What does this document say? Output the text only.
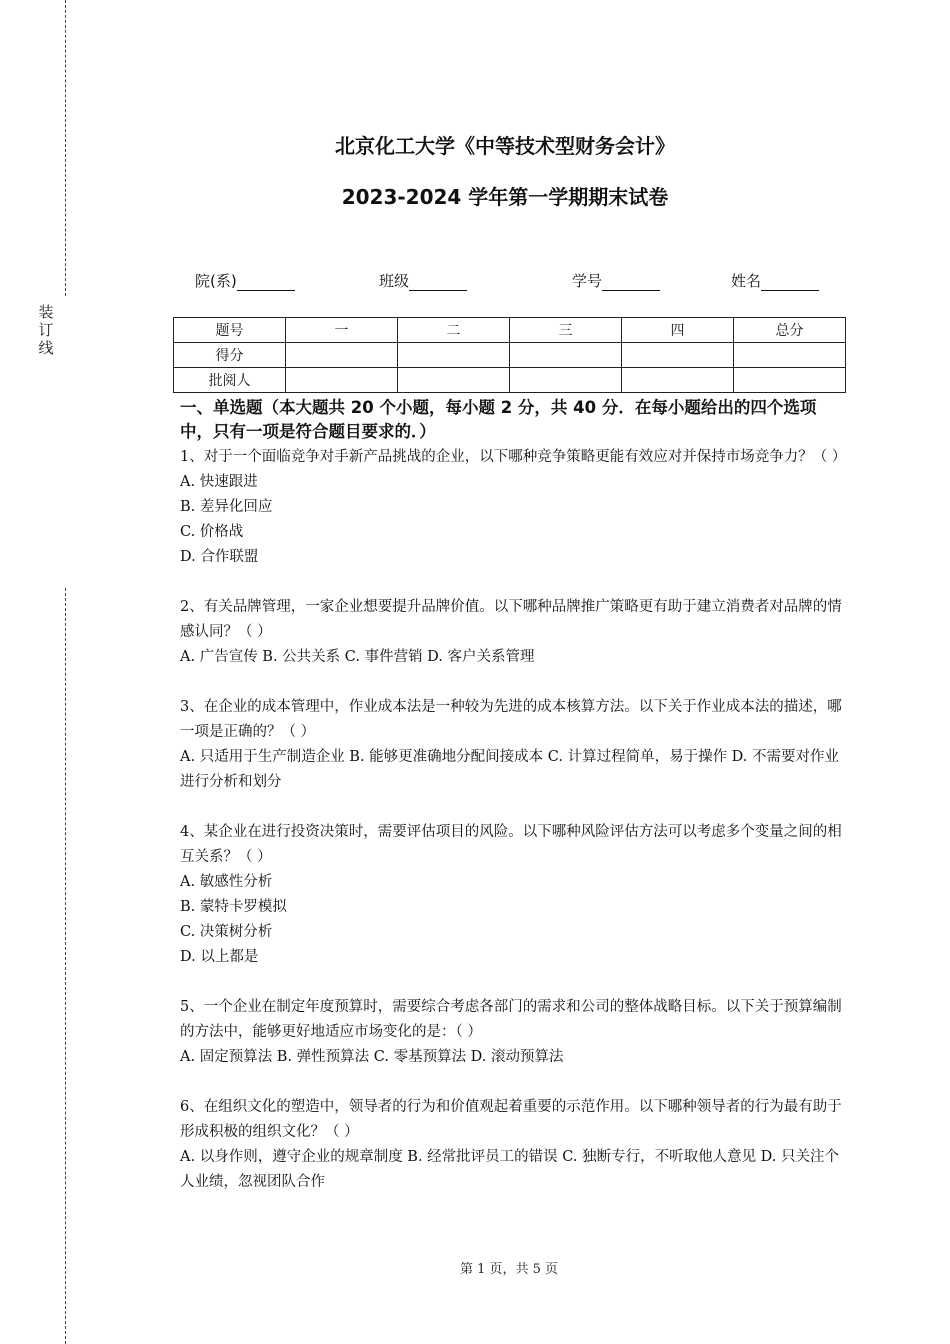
装
订
线
北京化工大学《中等技术型财务会计》
2023-2024 学年第一学期期末试卷
院(系)	班级	学号	姓名
题号	一	二	三	四	总分
得分					
批阅人					
一、单选题（本大题共 20 个小题，每小题 2 分，共 40 分．在每小题给出的四个选项中，只有一项是符合题目要求的．）

1、对于一个面临竞争对手新产品挑战的企业，以下哪种竞争策略更能有效应对并保持市场竞争力？（ ）

A. 快速跟进

B. 差异化回应

C. 价格战

D. 合作联盟

2、有关品牌管理，一家企业想要提升品牌价值。以下哪种品牌推广策略更有助于建立消费者对品牌的情感认同？（ ）

A. 广告宣传 B. 公共关系 C. 事件营销 D. 客户关系管理

3、在企业的成本管理中，作业成本法是一种较为先进的成本核算方法。以下关于作业成本法的描述，哪一项是正确的？（ ）

A. 只适用于生产制造企业 B. 能够更准确地分配间接成本 C. 计算过程简单，易于操作 D. 不需要对作业进行分析和划分

4、某企业在进行投资决策时，需要评估项目的风险。以下哪种风险评估方法可以考虑多个变量之间的相互关系？（ ）

A. 敏感性分析

B. 蒙特卡罗模拟

C. 决策树分析

D. 以上都是

5、一个企业在制定年度预算时，需要综合考虑各部门的需求和公司的整体战略目标。以下关于预算编制的方法中，能够更好地适应市场变化的是：（ ）

A. 固定预算法 B. 弹性预算法 C. 零基预算法 D. 滚动预算法

6、在组织文化的塑造中，领导者的行为和价值观起着重要的示范作用。以下哪种领导者的行为最有助于形成积极的组织文化？（ ）

A. 以身作则，遵守企业的规章制度 B. 经常批评员工的错误 C. 独断专行，不听取他人意见 D. 只关注个人业绩，忽视团队合作

第 1 页，共 5 页
